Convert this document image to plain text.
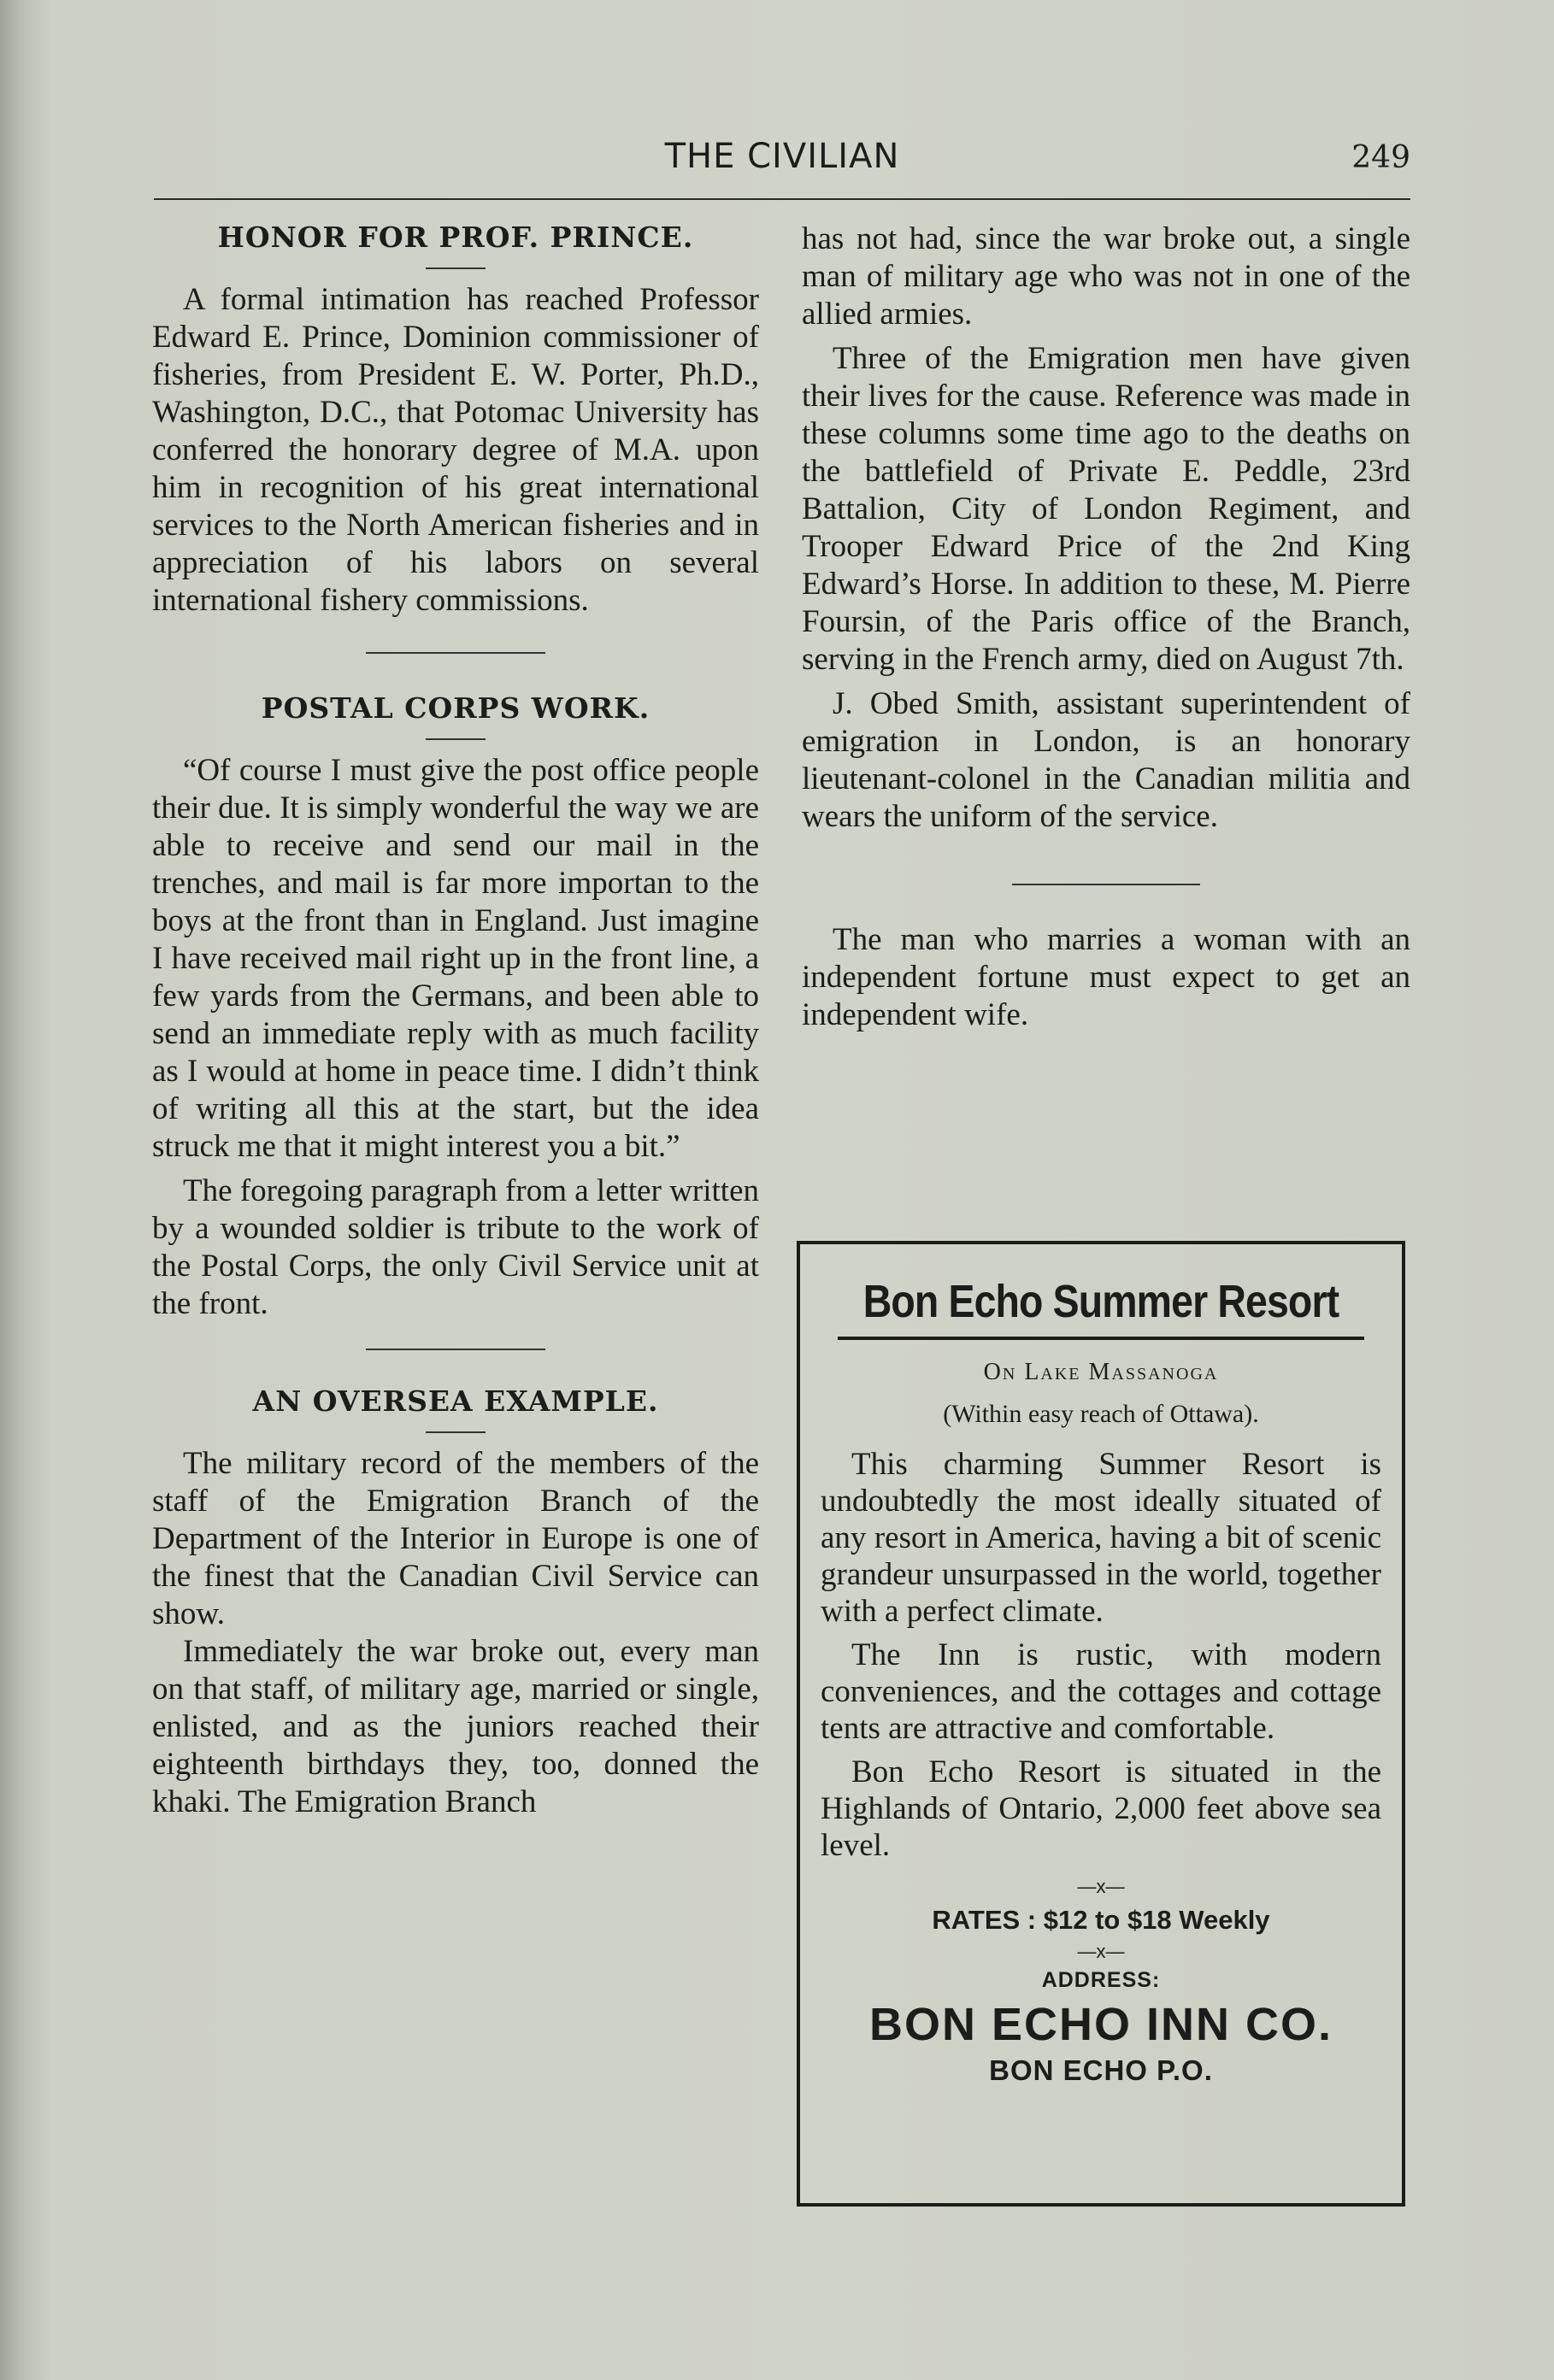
THE CIVILIAN	249

HONOR FOR PROF. PRINCE.

A formal intimation has reached Professor Edward E. Prince, Dominion commissioner of fisheries, from President E. W. Porter, Ph.D., Washington, D.C., that Potomac University has conferred the honorary degree of M.A. upon him in recognition of his great international services to the North American fisheries and in appreciation of his labors on several international fishery commissions.

POSTAL CORPS WORK.

“Of course I must give the post office people their due. It is simply wonderful the way we are able to receive and send our mail in the trenches, and mail is far more importan to the boys at the front than in England. Just imagine I have received mail right up in the front line, a few yards from the Germans, and been able to send an immediate reply with as much facility as I would at home in peace time. I didn’t think of writing all this at the start, but the idea struck me that it might interest you a bit.”

The foregoing paragraph from a letter written by a wounded soldier is tribute to the work of the Postal Corps, the only Civil Service unit at the front.

AN OVERSEA EXAMPLE.

The military record of the members of the staff of the Emigration Branch of the Department of the Interior in Europe is one of the finest that the Canadian Civil Service can show.

Immediately the war broke out, every man on that staff, of military age, married or single, enlisted, and as the juniors reached their eighteenth birthdays they, too, donned the khaki. The Emigration Branch

has not had, since the war broke out, a single man of military age who was not in one of the allied armies.

Three of the Emigration men have given their lives for the cause. Reference was made in these columns some time ago to the deaths on the battlefield of Private E. Peddle, 23rd Battalion, City of London Regiment, and Trooper Edward Price of the 2nd King Edward’s Horse. In addition to these, M. Pierre Foursin, of the Paris office of the Branch, serving in the French army, died on August 7th.

J. Obed Smith, assistant superintendent of emigration in London, is an honorary lieutenant-colonel in the Canadian militia and wears the uniform of the service.

The man who marries a woman with an independent fortune must expect to get an independent wife.

Bon Echo Summer Resort

On Lake Massanoga

(Within easy reach of Ottawa).

This charming Summer Resort is undoubtedly the most ideally situated of any resort in America, having a bit of scenic grandeur unsurpassed in the world, together with a perfect climate.

The Inn is rustic, with modern conveniences, and the cottages and cottage tents are attractive and comfortable.

Bon Echo Resort is situated in the Highlands of Ontario, 2,000 feet above sea level.

—x—

RATES : $12 to $18 Weekly

—x—

ADDRESS:

BON ECHO INN CO.

BON ECHO P.O.
